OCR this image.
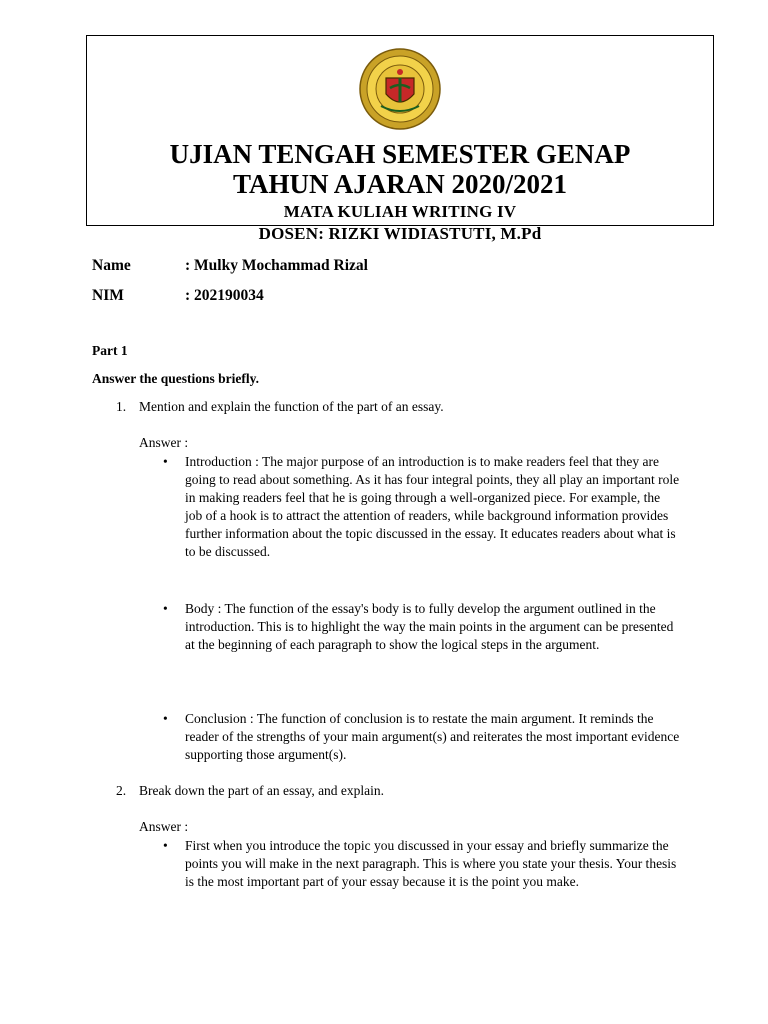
UJIAN TENGAH SEMESTER GENAP
TAHUN AJARAN 2020/2021
MATA KULIAH WRITING IV
DOSEN: RIZKI WIDIASTUTI, M.Pd
Name	: Mulky Mochammad Rizal
NIM	: 202190034
Part 1
Answer the questions briefly.
1. Mention and explain the function of the part of an essay.
Answer :
• Introduction : The major purpose of an introduction is to make readers feel that they are going to read about something. As it has four integral points, they all play an important role in making readers feel that he is going through a well-organized piece. For example, the job of a hook is to attract the attention of readers, while background information provides further information about the topic discussed in the essay. It educates readers about what is to be discussed.
• Body : The function of the essay's body is to fully develop the argument outlined in the introduction. This is to highlight the way the main points in the argument can be presented at the beginning of each paragraph to show the logical steps in the argument.
• Conclusion : The function of conclusion is to restate the main argument. It reminds the reader of the strengths of your main argument(s) and reiterates the most important evidence supporting those argument(s).
2. Break down the part of an essay, and explain.
Answer :
• First when you introduce the topic you discussed in your essay and briefly summarize the points you will make in the next paragraph. This is where you state your thesis. Your thesis is the most important part of your essay because it is the point you make.
